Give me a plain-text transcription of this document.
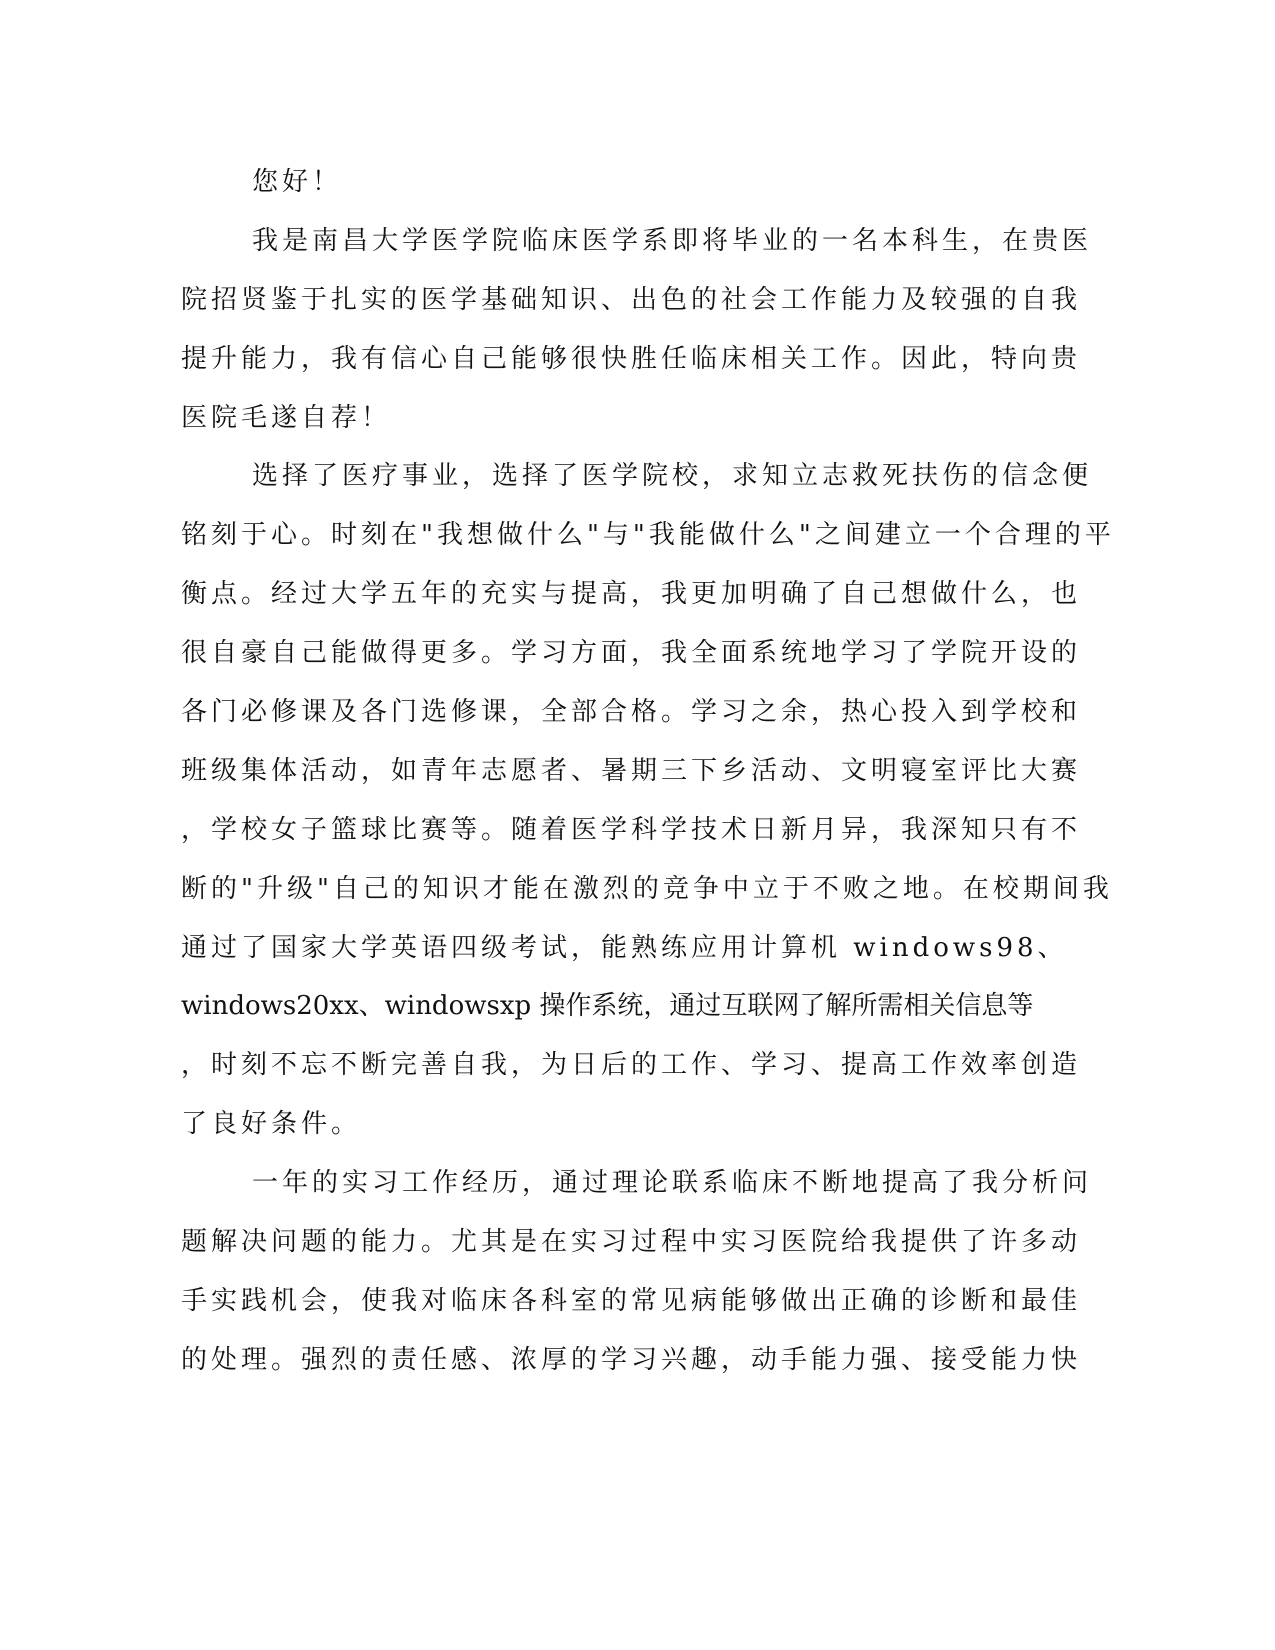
您好！
我是南昌大学医学院临床医学系即将毕业的一名本科生，在贵医
院招贤鉴于扎实的医学基础知识、出色的社会工作能力及较强的自我
提升能力，我有信心自己能够很快胜任临床相关工作。因此，特向贵
医院毛遂自荐！
选择了医疗事业，选择了医学院校，求知立志救死扶伤的信念便
铭刻于心。时刻在"我想做什么"与"我能做什么"之间建立一个合理的平
衡点。经过大学五年的充实与提高，我更加明确了自己想做什么，也
很自豪自己能做得更多。学习方面，我全面系统地学习了学院开设的
各门必修课及各门选修课，全部合格。学习之余，热心投入到学校和
班级集体活动，如青年志愿者、暑期三下乡活动、文明寝室评比大赛
，学校女子篮球比赛等。随着医学科学技术日新月异，我深知只有不
断的"升级"自己的知识才能在激烈的竞争中立于不败之地。在校期间我
通过了国家大学英语四级考试，能熟练应用计算机 windows98、
windows20xx、windowsxp 操作系统，通过互联网了解所需相关信息等
，时刻不忘不断完善自我，为日后的工作、学习、提高工作效率创造
了良好条件。
一年的实习工作经历，通过理论联系临床不断地提高了我分析问
题解决问题的能力。尤其是在实习过程中实习医院给我提供了许多动
手实践机会，使我对临床各科室的常见病能够做出正确的诊断和最佳
的处理。强烈的责任感、浓厚的学习兴趣，动手能力强、接受能力快
